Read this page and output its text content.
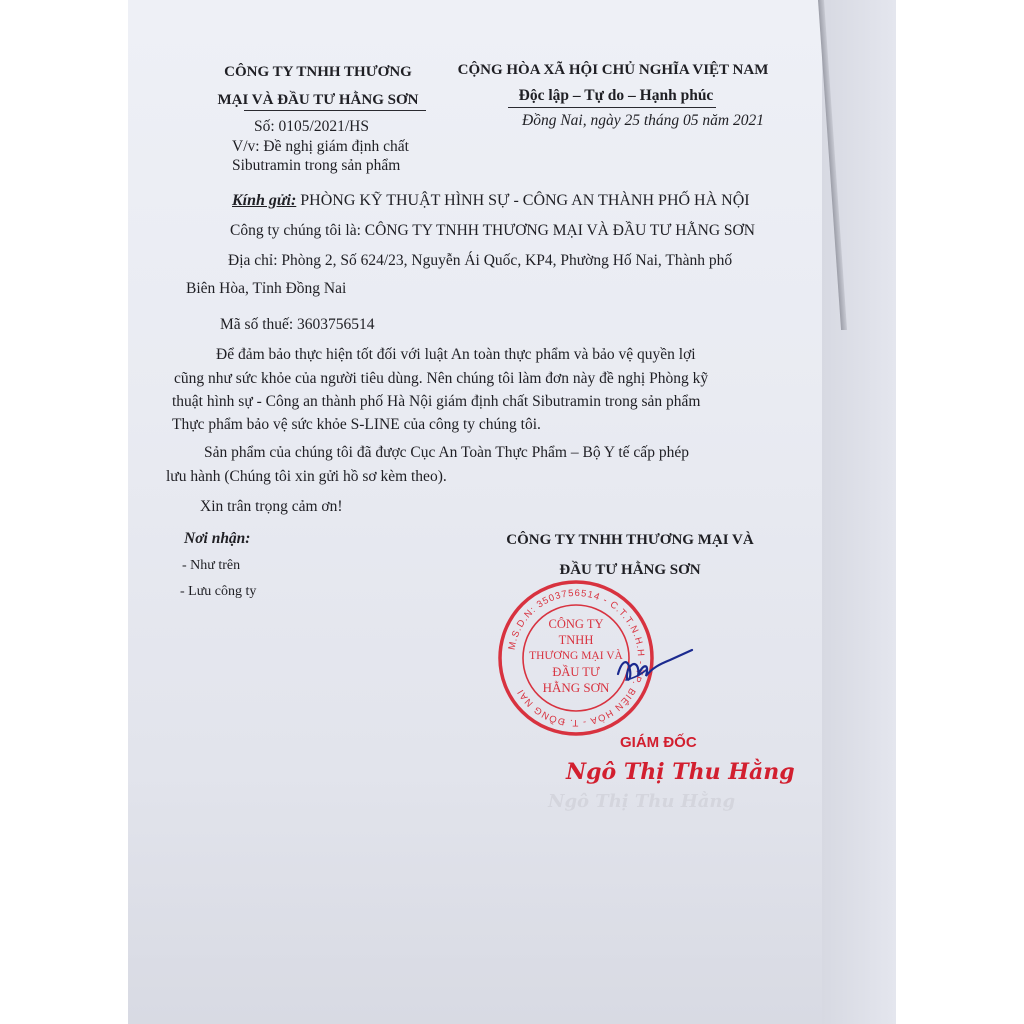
CÔNG TY TNHH THƯƠNG
MẠI VÀ ĐẦU TƯ HẰNG SƠN
Số: 0105/2021/HS
V/v: Đề nghị giám định chất
Sibutramin trong sản phẩm
CỘNG HÒA XÃ HỘI CHỦ NGHĨA VIỆT NAM
Độc lập – Tự do – Hạnh phúc
Đồng Nai, ngày 25 tháng 05 năm 2021
Kính gửi: PHÒNG KỸ THUẬT HÌNH SỰ - CÔNG AN THÀNH PHỐ HÀ NỘI
Công ty chúng tôi là: CÔNG TY TNHH THƯƠNG MẠI VÀ ĐẦU TƯ HẰNG SƠN
Địa chỉ: Phòng 2, Số 624/23, Nguyễn Ái Quốc, KP4, Phường Hố Nai, Thành phố
Biên Hòa, Tỉnh Đồng Nai
Mã số thuế: 3603756514
Để đảm bảo thực hiện tốt đối với luật An toàn thực phẩm và bảo vệ quyền lợi
cũng như sức khỏe của người tiêu dùng. Nên chúng tôi làm đơn này đề nghị Phòng kỹ
thuật hình sự - Công an thành phố Hà Nội giám định chất Sibutramin trong sản phẩm
Thực phẩm bảo vệ sức khỏe S-LINE của công ty chúng tôi.
Sản phẩm của chúng tôi đã được Cục An Toàn Thực Phẩm – Bộ Y tế cấp phép
lưu hành (Chúng tôi xin gửi hồ sơ kèm theo).
Xin trân trọng cảm ơn!
Nơi nhận:
- Như trên
- Lưu công ty
CÔNG TY TNHH THƯƠNG MẠI VÀ
ĐẦU TƯ HẰNG SƠN
M.S.D.N: 3503756514 - C.T.T.N.H.H - TP. BIÊN HÒA - T. ĐỒNG NAI
CÔNG TY
TNHH
THƯƠNG MẠI VÀ
ĐẦU TƯ
HẰNG SƠN
GIÁM ĐỐC
Ngô Thị Thu Hằng
Ngô Thị Thu Hằng
